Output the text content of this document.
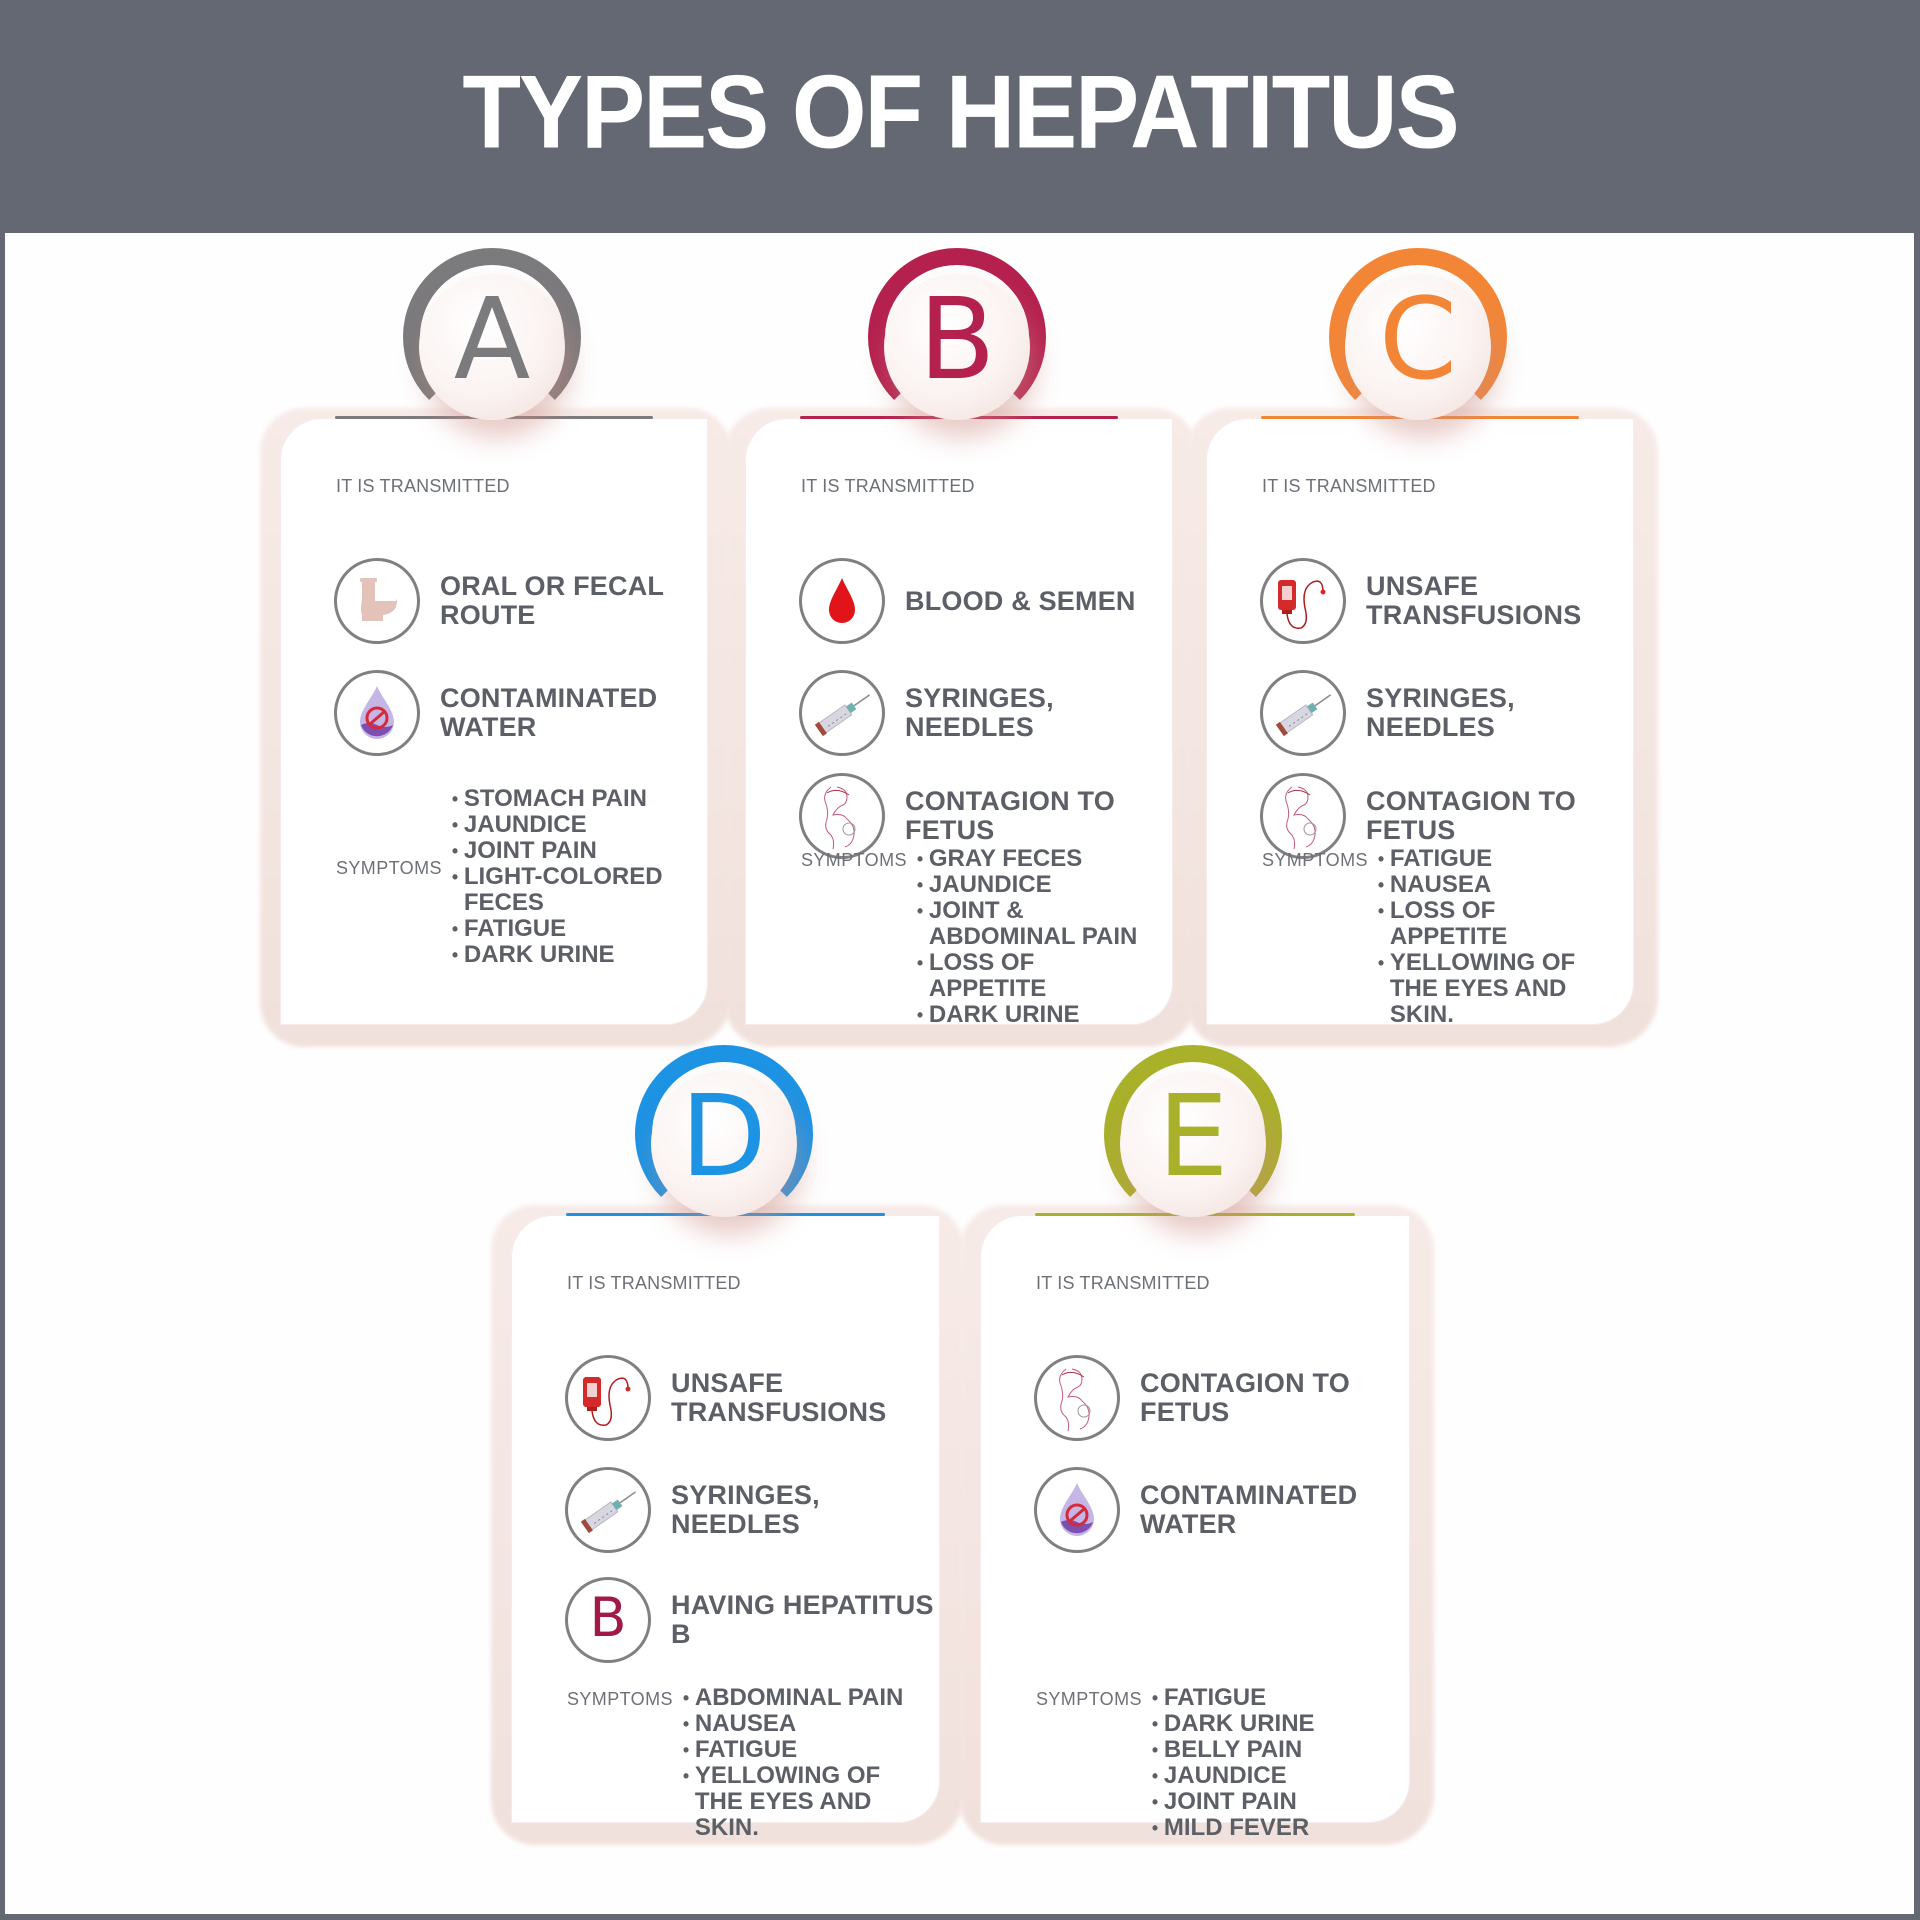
TYPES OF HEPATITUS
A
IT IS TRANSMITTED
ORAL OR FECAL ROUTE
CONTAMINATED WATER
SYMPTOMS
• STOMACH PAIN
• JAUNDICE
• JOINT PAIN
• LIGHT-COLORED FECES
• FATIGUE
• DARK URINE
B
IT IS TRANSMITTED
BLOOD & SEMEN
SYRINGES, NEEDLES
CONTAGION TO FETUS
SYMPTOMS • GRAY FECES
• JAUNDICE
• JOINT & ABDOMINAL PAIN
• LOSS OF APPETITE
• DARK URINE
C
IT IS TRANSMITTED
UNSAFE TRANSFUSIONS
SYRINGES, NEEDLES
CONTAGION TO FETUS
SYMPTOMS • FATIGUE
• NAUSEA
• LOSS OF APPETITE
• YELLOWING OF THE EYES AND SKIN.
D
IT IS TRANSMITTED
UNSAFE TRANSFUSIONS
SYRINGES, NEEDLES
B HAVING HEPATITUS B
SYMPTOMS • ABDOMINAL PAIN
• NAUSEA
• FATIGUE
• YELLOWING OF THE EYES AND SKIN.
E
IT IS TRANSMITTED
CONTAGION TO FETUS
CONTAMINATED WATER
SYMPTOMS • FATIGUE
• DARK URINE
• BELLY PAIN
• JAUNDICE
• JOINT PAIN
• MILD FEVER
